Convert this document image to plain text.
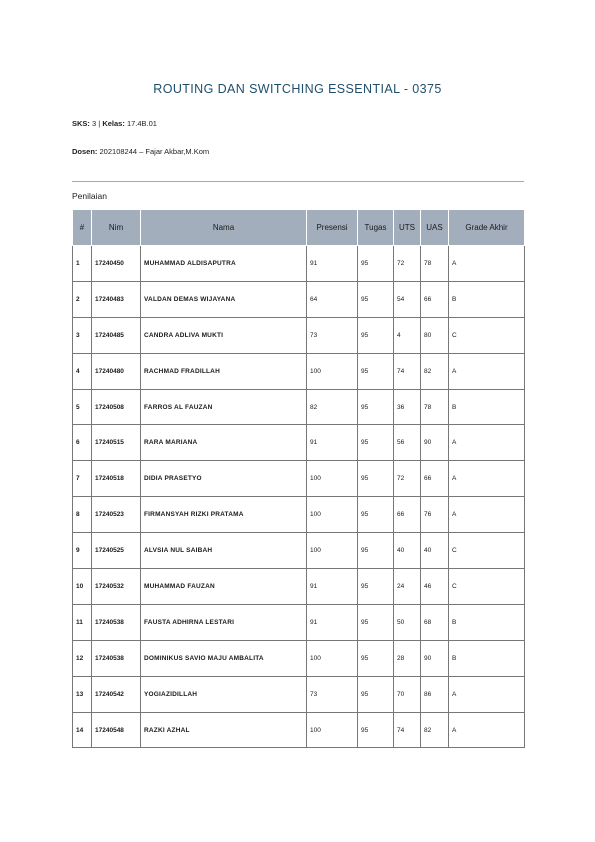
ROUTING DAN SWITCHING ESSENTIAL - 0375
SKS: 3 | Kelas: 17.4B.01
Dosen: 202108244 – Fajar Akbar,M.Kom
Penilaian
#	Nim	Nama	Presensi	Tugas	UTS	UAS	Grade Akhir
1	17240450	MUHAMMAD ALDISAPUTRA	91	95	72	78	A
2	17240483	VALDAN DEMAS WIJAYANA	64	95	54	66	B
3	17240485	CANDRA ADLIVA MUKTI	73	95	4	80	C
4	17240480	RACHMAD FRADILLAH	100	95	74	82	A
5	17240508	FARROS AL FAUZAN	82	95	36	78	B
6	17240515	RARA MARIANA	91	95	56	90	A
7	17240518	DIDIA PRASETYO	100	95	72	66	A
8	17240523	FIRMANSYAH RIZKI PRATAMA	100	95	66	76	A
9	17240525	ALVSIA NUL SAIBAH	100	95	40	40	C
10	17240532	MUHAMMAD FAUZAN	91	95	24	46	C
11	17240538	FAUSTA ADHIRNA LESTARI	91	95	50	68	B
12	17240538	DOMINIKUS SAVIO MAJU AMBALITA	100	95	28	90	B
13	17240542	YOGIAZIDILLAH	73	95	70	86	A
14	17240548	RAZKI AZHAL	100	95	74	82	A
